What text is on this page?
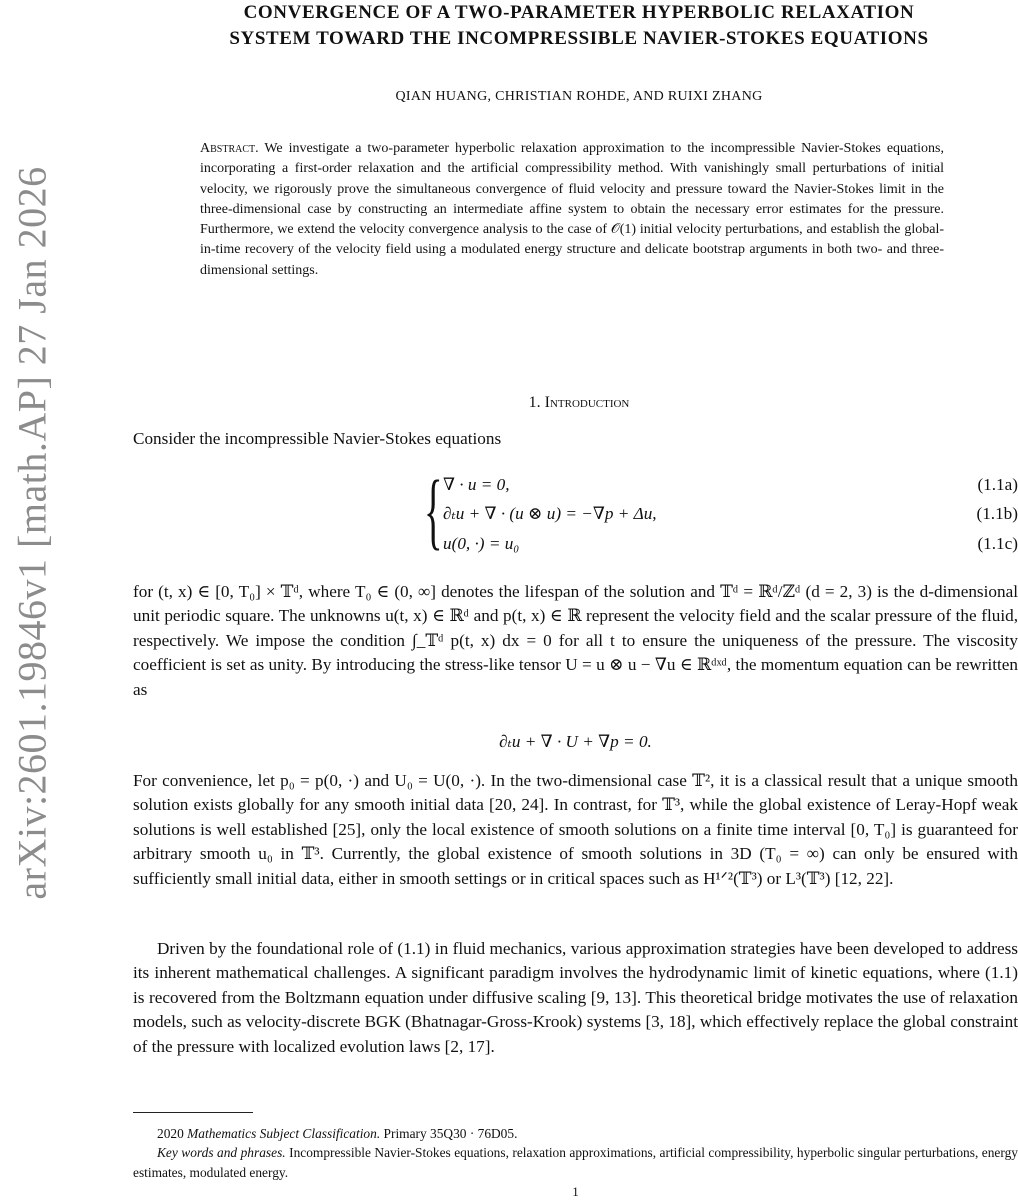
arXiv:2601.19846v1 [math.AP] 27 Jan 2026
CONVERGENCE OF A TWO-PARAMETER HYPERBOLIC RELAXATION
SYSTEM TOWARD THE INCOMPRESSIBLE NAVIER-STOKES EQUATIONS
QIAN HUANG, CHRISTIAN ROHDE, AND RUIXI ZHANG
Abstract. We investigate a two-parameter hyperbolic relaxation approximation to the incompressible Navier-Stokes equations, incorporating a first-order relaxation and the artificial compressibility method. With vanishingly small perturbations of initial velocity, we rigorously prove the simultaneous convergence of fluid velocity and pressure toward the Navier-Stokes limit in the three-dimensional case by constructing an intermediate affine system to obtain the necessary error estimates for the pressure. Furthermore, we extend the velocity convergence analysis to the case of 𝒪(1) initial velocity perturbations, and establish the global-in-time recovery of the velocity field using a modulated energy structure and delicate bootstrap arguments in both two- and three-dimensional settings.
1. Introduction
Consider the incompressible Navier-Stokes equations
{ ∇ · u = 0,	(1.1a)
∂ₜu + ∇ · (u ⊗ u) = −∇p + Δu,	(1.1b)
u(0, ·) = u₀	(1.1c)
for (t, x) ∈ [0, T₀] × 𝕋ᵈ, where T₀ ∈ (0, ∞] denotes the lifespan of the solution and 𝕋ᵈ = ℝᵈ/ℤᵈ (d = 2, 3) is the d-dimensional unit periodic square. The unknowns u(t, x) ∈ ℝᵈ and p(t, x) ∈ ℝ represent the velocity field and the scalar pressure of the fluid, respectively. We impose the condition ∫_𝕋ᵈ p(t, x) dx = 0 for all t to ensure the uniqueness of the pressure. The viscosity coefficient is set as unity. By introducing the stress-like tensor U = u ⊗ u − ∇u ∈ ℝᵈˣᵈ, the momentum equation can be rewritten as
∂ₜu + ∇ · U + ∇p = 0.
For convenience, let p₀ = p(0, ·) and U₀ = U(0, ·). In the two-dimensional case 𝕋², it is a classical result that a unique smooth solution exists globally for any smooth initial data [20, 24]. In contrast, for 𝕋³, while the global existence of Leray-Hopf weak solutions is well established [25], only the local existence of smooth solutions on a finite time interval [0, T₀] is guaranteed for arbitrary smooth u₀ in 𝕋³. Currently, the global existence of smooth solutions in 3D (T₀ = ∞) can only be ensured with sufficiently small initial data, either in smooth settings or in critical spaces such as H¹ᐟ²(𝕋³) or L³(𝕋³) [12, 22].
Driven by the foundational role of (1.1) in fluid mechanics, various approximation strategies have been developed to address its inherent mathematical challenges. A significant paradigm involves the hydrodynamic limit of kinetic equations, where (1.1) is recovered from the Boltzmann equation under diffusive scaling [9, 13]. This theoretical bridge motivates the use of relaxation models, such as velocity-discrete BGK (Bhatnagar-Gross-Krook) systems [3, 18], which effectively replace the global constraint of the pressure with localized evolution laws [2, 17].
2020 Mathematics Subject Classification. Primary 35Q30 · 76D05.
Key words and phrases. Incompressible Navier-Stokes equations, relaxation approximations, artificial compressibility, hyperbolic singular perturbations, energy estimates, modulated energy.
1
